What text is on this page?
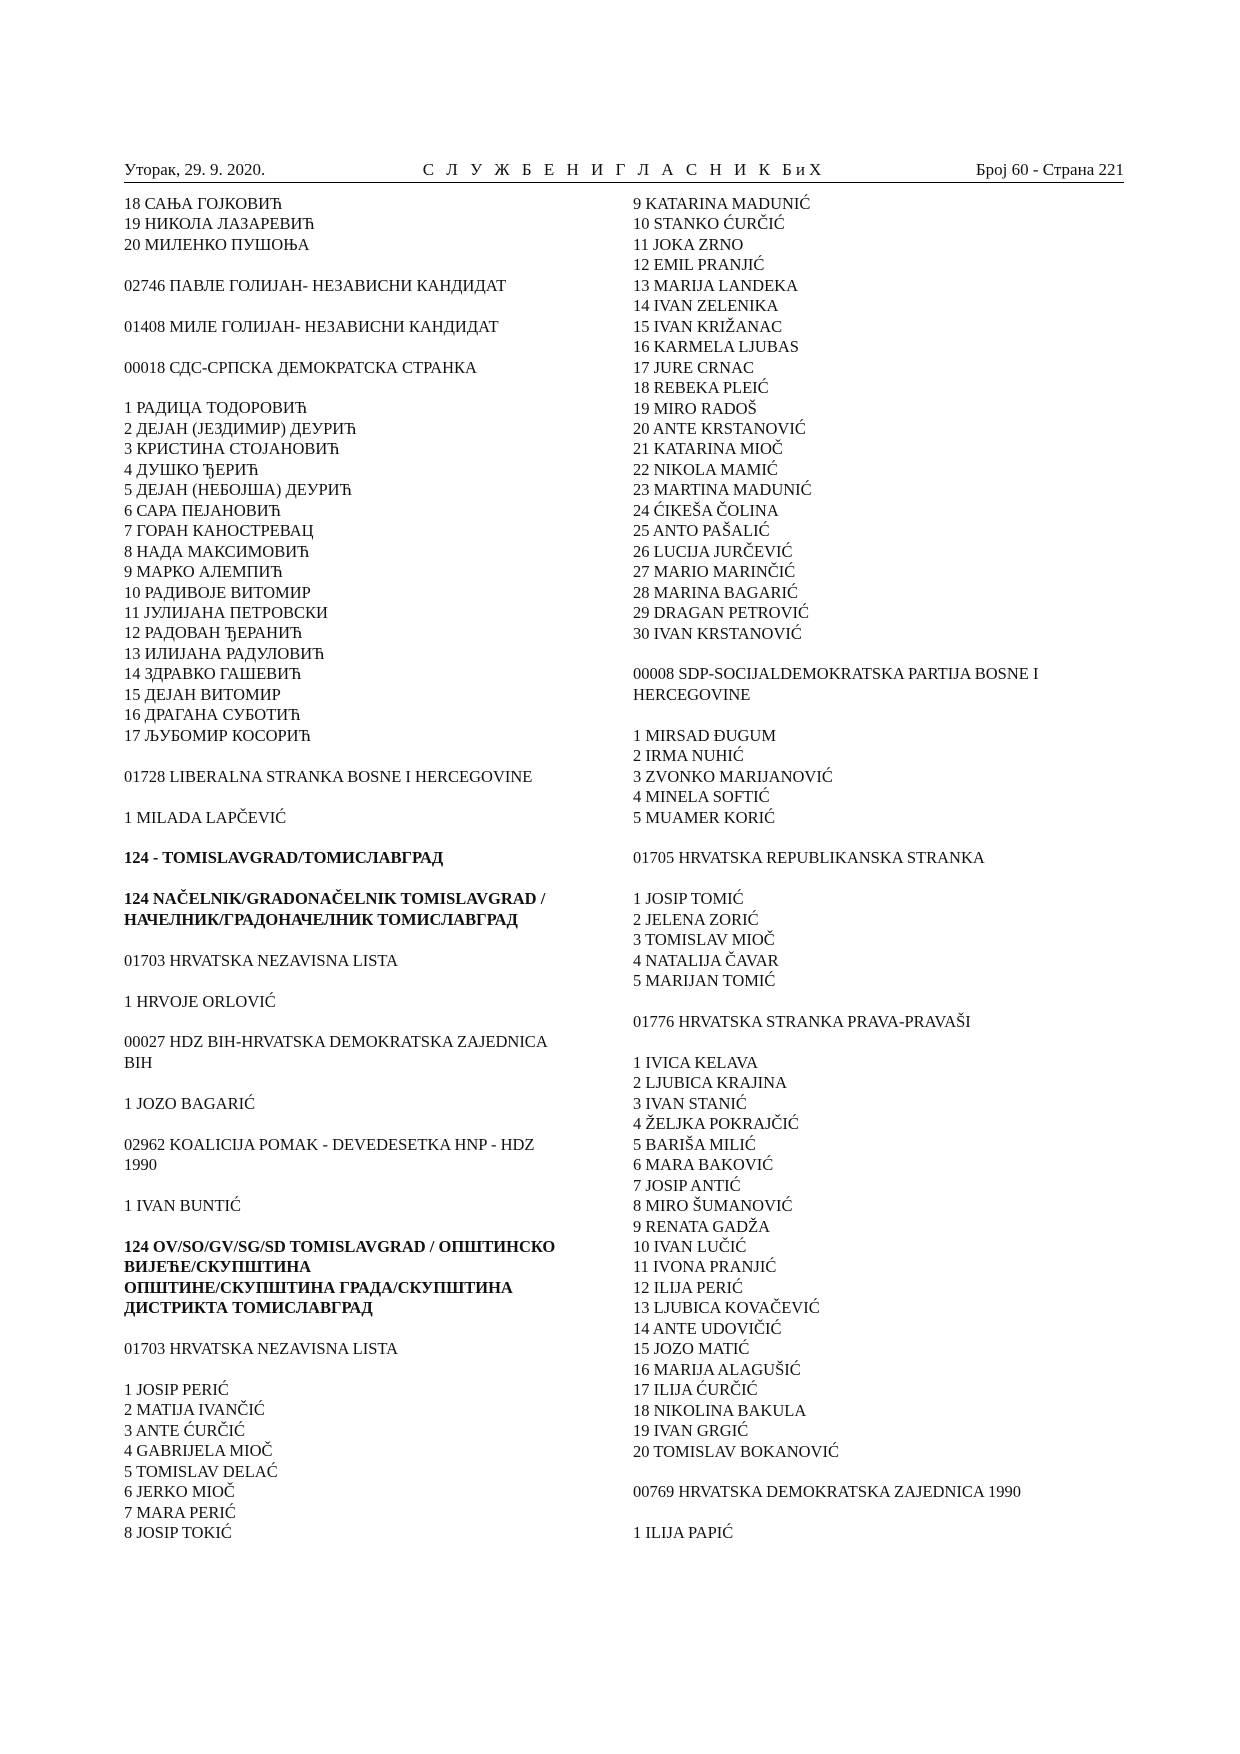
Уторак, 29. 9. 2020.	С Л У Ж Б Е Н И Г Л А С Н И К БиХ	Број 60 - Страна 221
18 САЊА ГОЈКОВИЋ
19 НИКОЛА ЛАЗАРЕВИЋ
20 МИЛЕНКО ПУШОЊА
02746 ПАВЛЕ ГОЛИЈАН- НЕЗАВИСНИ КАНДИДАТ
01408 МИЛЕ ГОЛИЈАН- НЕЗАВИСНИ КАНДИДАТ
00018 СДС-СРПСКА ДЕМОКРАТСКА СТРАНКА
1 РАДИЦА ТОДОРОВИЋ
2 ДЕЈАН (ЈЕЗДИМИР) ДЕУРИЋ
3 КРИСТИНА СТОЈАНОВИЋ
4 ДУШКО ЂЕРИЋ
5 ДЕЈАН (НЕБОЈША) ДЕУРИЋ
6 САРА ПЕЈАНОВИЋ
7 ГОРАН КАНОСТРЕВАЦ
8 НАДА МАКСИМОВИЋ
9 МАРКО АЛЕМПИЋ
10 РАДИВОЈЕ ВИТОМИР
11 ЈУЛИЈАНА ПЕТРОВСКИ
12 РАДОВАН ЂЕРАНИЋ
13 ИЛИЈАНА РАДУЛОВИЋ
14 ЗДРАВКО ГАШЕВИЋ
15 ДЕЈАН ВИТОМИР
16 ДРАГАНА СУБОТИЋ
17 ЉУБОМИР КОСОРИЋ
01728 LIBERALNA STRANKA BOSNE I HERCEGOVINE
1 MILADA LAPČEVIĆ
124 - TOMISLAVGRAD/ТОМИСЛАВГРАД
124 NAČELNIK/GRADONAČELNIK TOMISLAVGRAD /
НАЧЕЛНИК/ГРАДОНАЧЕЛНИК ТОМИСЛАВГРАД
01703 HRVATSKA NEZAVISNA LISTA
1 HRVOJE ORLOVIĆ
00027 HDZ BIH-HRVATSKA DEMOKRATSKA ZAJEDNICA
BIH
1 JOZO BAGARIĆ
02962 KOALICIJA POMAK - DEVEDESETKA HNP - HDZ
1990
1 IVAN BUNTIĆ
124 OV/SO/GV/SG/SD TOMISLAVGRAD / ОПШТИНСКО
ВИЈЕЋЕ/СКУПШТИНА
ОПШТИНЕ/СКУПШТИНА ГРАДА/СКУПШТИНА
ДИСТРИКТА ТОМИСЛАВГРАД
01703 HRVATSKA NEZAVISNA LISTA
1 JOSIP PERIĆ
2 MATIJA IVANČIĆ
3 ANTE ĆURČIĆ
4 GABRIJELA MIOČ
5 TOMISLAV DELAĆ
6 JERKO MIOČ
7 MARA PERIĆ
8 JOSIP TOKIĆ
9 KATARINA MADUNIĆ
10 STANKO ĆURČIĆ
11 JOKA ZRNO
12 EMIL PRANJIĆ
13 MARIJA LANDEKA
14 IVAN ZELENIKA
15 IVAN KRIŽANAC
16 KARMELA LJUBAS
17 JURE CRNAC
18 REBEKA PLEIĆ
19 MIRO RADOŠ
20 ANTE KRSTANOVIĆ
21 KATARINA MIOČ
22 NIKOLA MAMIĆ
23 MARTINA MADUNIĆ
24 ĆIKEŠA ČOLINA
25 ANTO PAŠALIĆ
26 LUCIJA JURČEVIĆ
27 MARIO MARINČIĆ
28 MARINA BAGARIĆ
29 DRAGAN PETROVIĆ
30 IVAN KRSTANOVIĆ
00008 SDP-SOCIJALDEMOKRATSKA PARTIJA BOSNE I
HERCEGOVINE
1 MIRSAD ĐUGUM
2 IRMA NUHIĆ
3 ZVONKO MARIJANOVIĆ
4 MINELA SOFTIĆ
5 MUAMER KORIĆ
01705 HRVATSKA REPUBLIKANSKA STRANKA
1 JOSIP TOMIĆ
2 JELENA ZORIĆ
3 TOMISLAV MIOČ
4 NATALIJA ČAVAR
5 MARIJAN TOMIĆ
01776 HRVATSKA STRANKA PRAVA-PRAVAŠI
1 IVICA KELAVA
2 LJUBICA KRAJINA
3 IVAN STANIĆ
4 ŽELJKA POKRAJČIĆ
5 BARIŠA MILIĆ
6 MARA BAKOVIĆ
7 JOSIP ANTIĆ
8 MIRO ŠUMANOVIĆ
9 RENATA GADŽA
10 IVAN LUČIĆ
11 IVONA PRANJIĆ
12 ILIJA PERIĆ
13 LJUBICA KOVAČEVIĆ
14 ANTE UDOVIČIĆ
15 JOZO MATIĆ
16 MARIJA ALAGUŠIĆ
17 ILIJA ĆURČIĆ
18 NIKOLINA BAKULA
19 IVAN GRGIĆ
20 TOMISLAV BOKANOVIĆ
00769 HRVATSKA DEMOKRATSKA ZAJEDNICA 1990
1 ILIJA PAPIĆ
